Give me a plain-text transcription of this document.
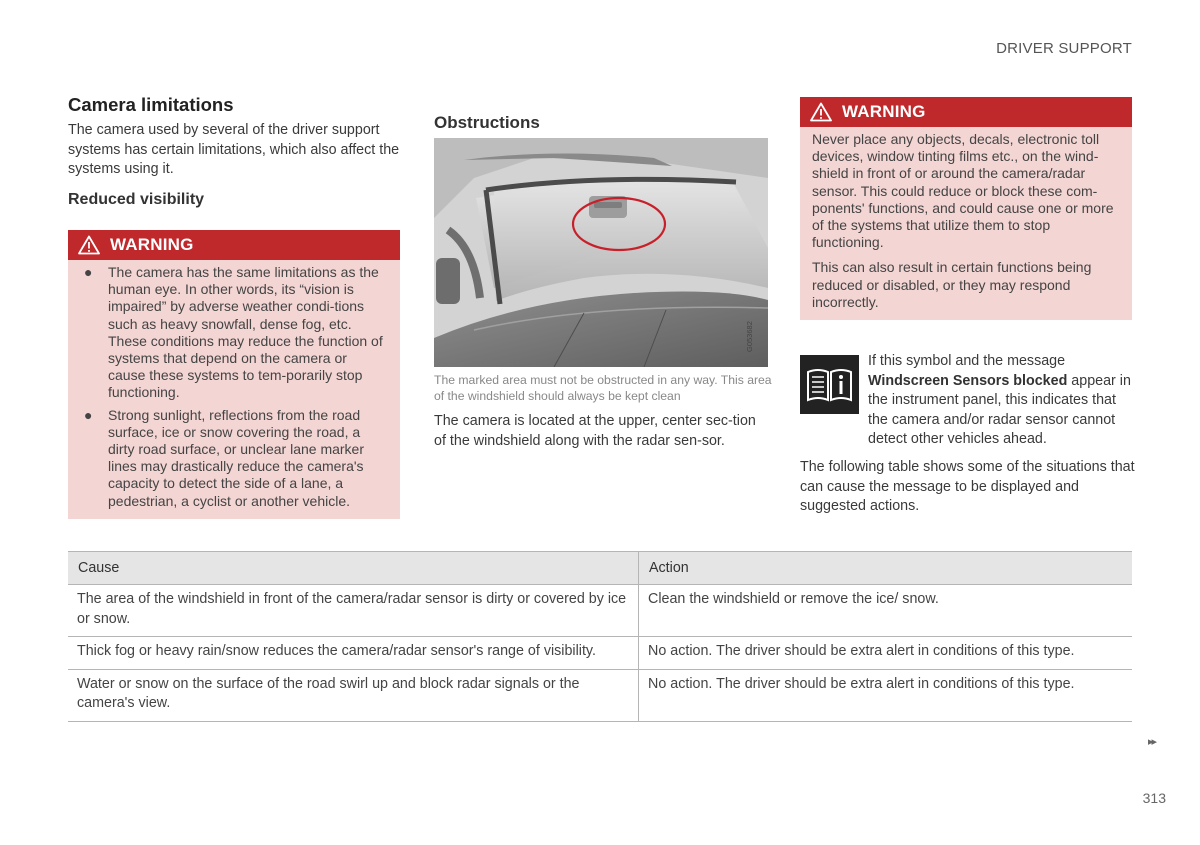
DRIVER SUPPORT
Camera limitations
The camera used by several of the driver support systems has certain limitations, which also affect the systems using it.
Reduced visibility
WARNING
● The camera has the same limitations as the human eye. In other words, its “vision is impaired” by adverse weather condi-tions such as heavy snowfall, dense fog, etc. These conditions may reduce the function of systems that depend on the camera or cause these systems to tem-porarily stop functioning.
● Strong sunlight, reflections from the road surface, ice or snow covering the road, a dirty road surface, or unclear lane marker lines may drastically reduce the camera's capacity to detect the side of a lane, a pedestrian, a cyclist or another vehicle.
Obstructions
G053682
The marked area must not be obstructed in any way. This area of the windshield should always be kept clean
The camera is located at the upper, center sec-tion of the windshield along with the radar sen-sor.
WARNING

Never place any objects, decals, electronic toll devices, window tinting films etc., on the wind-shield in front of or around the camera/radar sensor. This could reduce or block these com-ponents' functions, and could cause one or more of the systems that utilize them to stop functioning.

This can also result in certain functions being reduced or disabled, or they may respond incorrectly.

If this symbol and the message Windscreen Sensors blocked appear in the instrument panel, this indicates that the camera and/or radar sensor cannot detect other vehicles ahead.
The following table shows some of the situations that can cause the message to be displayed and suggested actions.
Cause	Action
The area of the windshield in front of the camera/radar sensor is dirty or covered by ice or snow.	Clean the windshield or remove the ice/ snow.
Thick fog or heavy rain/snow reduces the camera/radar sensor's range of visibility.	No action. The driver should be extra alert in conditions of this type.
Water or snow on the surface of the road swirl up and block radar signals or the camera's view.	No action. The driver should be extra alert in conditions of this type.
▸▸
313
